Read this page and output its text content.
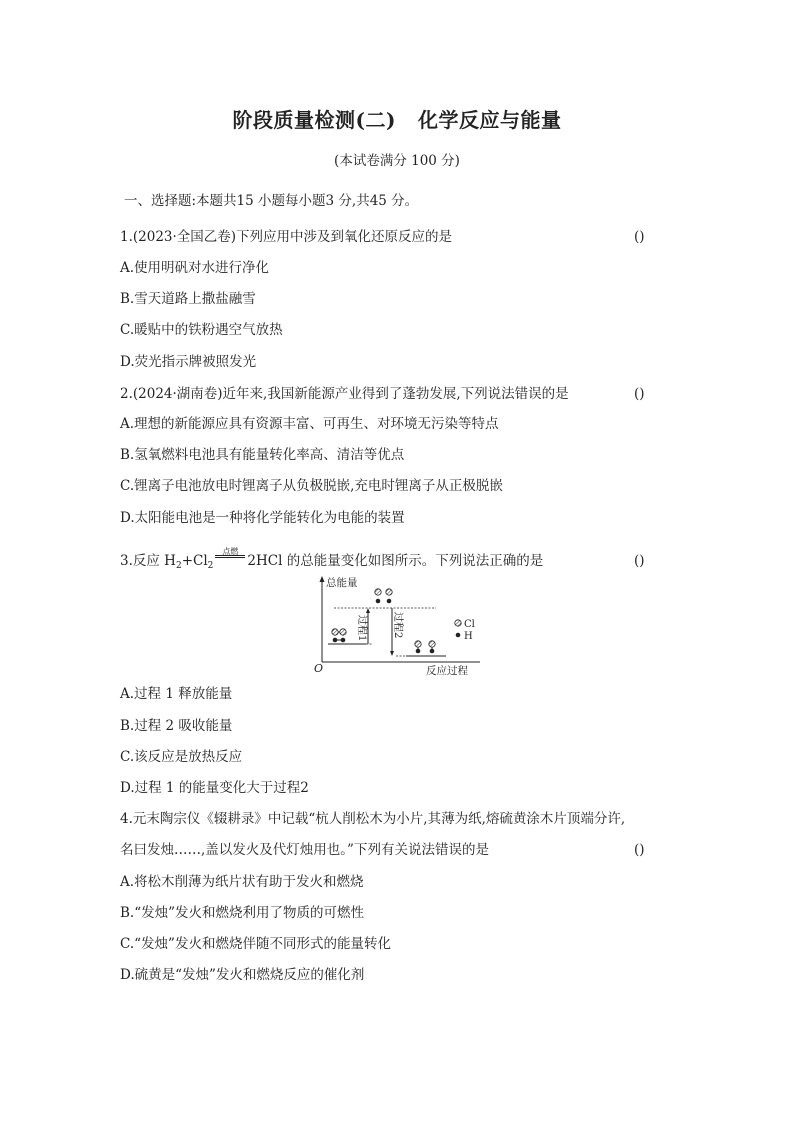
阶段质量检测(二) 化学反应与能量
(本试卷满分 100 分)
一、选择题:本题共15 小题每小题3 分,共45 分。
1.(2023·全国乙卷)下列应用中涉及到氧化还原反应的是	()
A.使用明矾对水进行净化
B.雪天道路上撒盐融雪
C.暖贴中的铁粉遇空气放热
D.荧光指示牌被照发光
2.(2024·湖南卷)近年来,我国新能源产业得到了蓬勃发展,下列说法错误的是	()
A.理想的新能源应具有资源丰富、可再生、对环境无污染等特点
B.氢氧燃料电池具有能量转化率高、清洁等优点
C.锂离子电池放电时锂离子从负极脱嵌,充电时锂离子从正极脱嵌
D.太阳能电池是一种将化学能转化为电能的装置
3.反应 $H_2+Cl_2$
点燃
2HCl 的总能量变化如图所示。下列说法正确的是	()
总能量
O	反应过程
过程1	过程2	Cl
H
A.过程 1 释放能量
B.过程 2 吸收能量
C.该反应是放热反应
D.过程 1 的能量变化大于过程2
4.元末陶宗仪《辍耕录》中记载“杭人削松木为小片,其薄为纸,熔硫黄涂木片顶端分许,
名曰发烛……,盖以发火及代灯烛用也。”下列有关说法错误的是	()
A.将松木削薄为纸片状有助于发火和燃烧
B.“发烛”发火和燃烧利用了物质的可燃性
C.“发烛”发火和燃烧伴随不同形式的能量转化
D.硫黄是“发烛”发火和燃烧反应的催化剂
